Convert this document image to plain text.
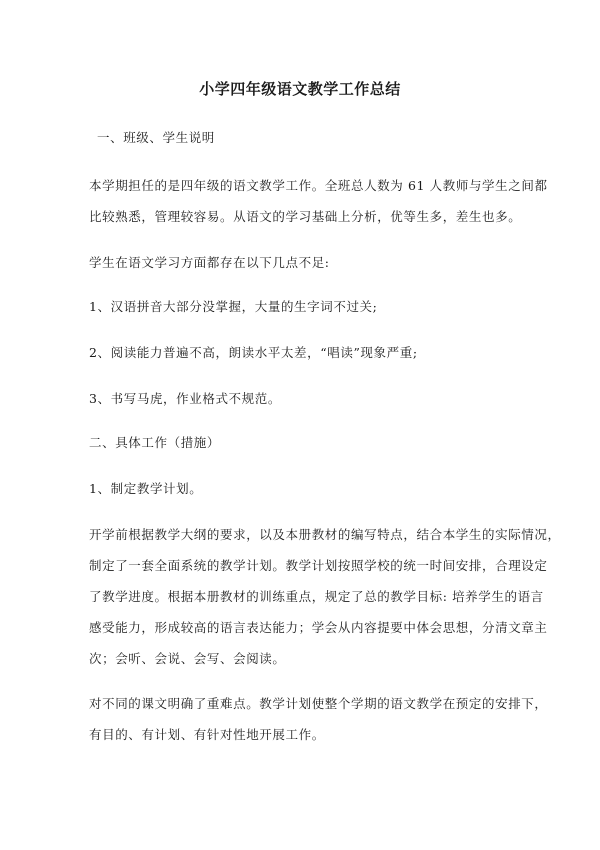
小学四年级语文教学工作总结
一、班级、学生说明
本学期担任的是四年级的语文教学工作。全班总人数为 61 人教师与学生之间都
比较熟悉，管理较容易。从语文的学习基础上分析，优等生多，差生也多。
学生在语文学习方面都存在以下几点不足:
1、汉语拼音大部分没掌握，大量的生字词不过关;
2、阅读能力普遍不高，朗读水平太差，“唱读”现象严重;
3、书写马虎，作业格式不规范。
二、具体工作（措施）
1、制定教学计划。
开学前根据教学大纲的要求，以及本册教材的编写特点，结合本学生的实际情况，
制定了一套全面系统的教学计划。教学计划按照学校的统一时间安排，合理设定
了教学进度。根据本册教材的训练重点，规定了总的教学目标: 培养学生的语言
感受能力，形成较高的语言表达能力；学会从内容提要中体会思想，分清文章主
次；会听、会说、会写、会阅读。
对不同的课文明确了重难点。教学计划使整个学期的语文教学在预定的安排下，
有目的、有计划、有针对性地开展工作。
